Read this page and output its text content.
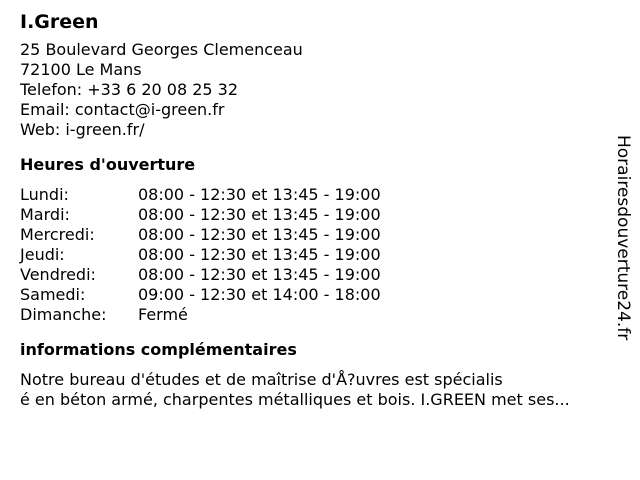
I.Green
25 Boulevard Georges Clemenceau
72100 Le Mans
Telefon: +33 6 20 08 25 32
Email: contact@i-green.fr
Web: i-green.fr/
Heures d'ouverture
Lundi:	08:00 - 12:30 et 13:45 - 19:00
Mardi:	08:00 - 12:30 et 13:45 - 19:00
Mercredi:	08:00 - 12:30 et 13:45 - 19:00
Jeudi:	08:00 - 12:30 et 13:45 - 19:00
Vendredi:	08:00 - 12:30 et 13:45 - 19:00
Samedi:	09:00 - 12:30 et 14:00 - 18:00
Dimanche:	Fermé
informations complémentaires
Notre bureau d'études et de maîtrise d'Å?uvres est spécialis
é en béton armé, charpentes métalliques et bois. I.GREEN met ses...
Horairesdouverture24.fr
